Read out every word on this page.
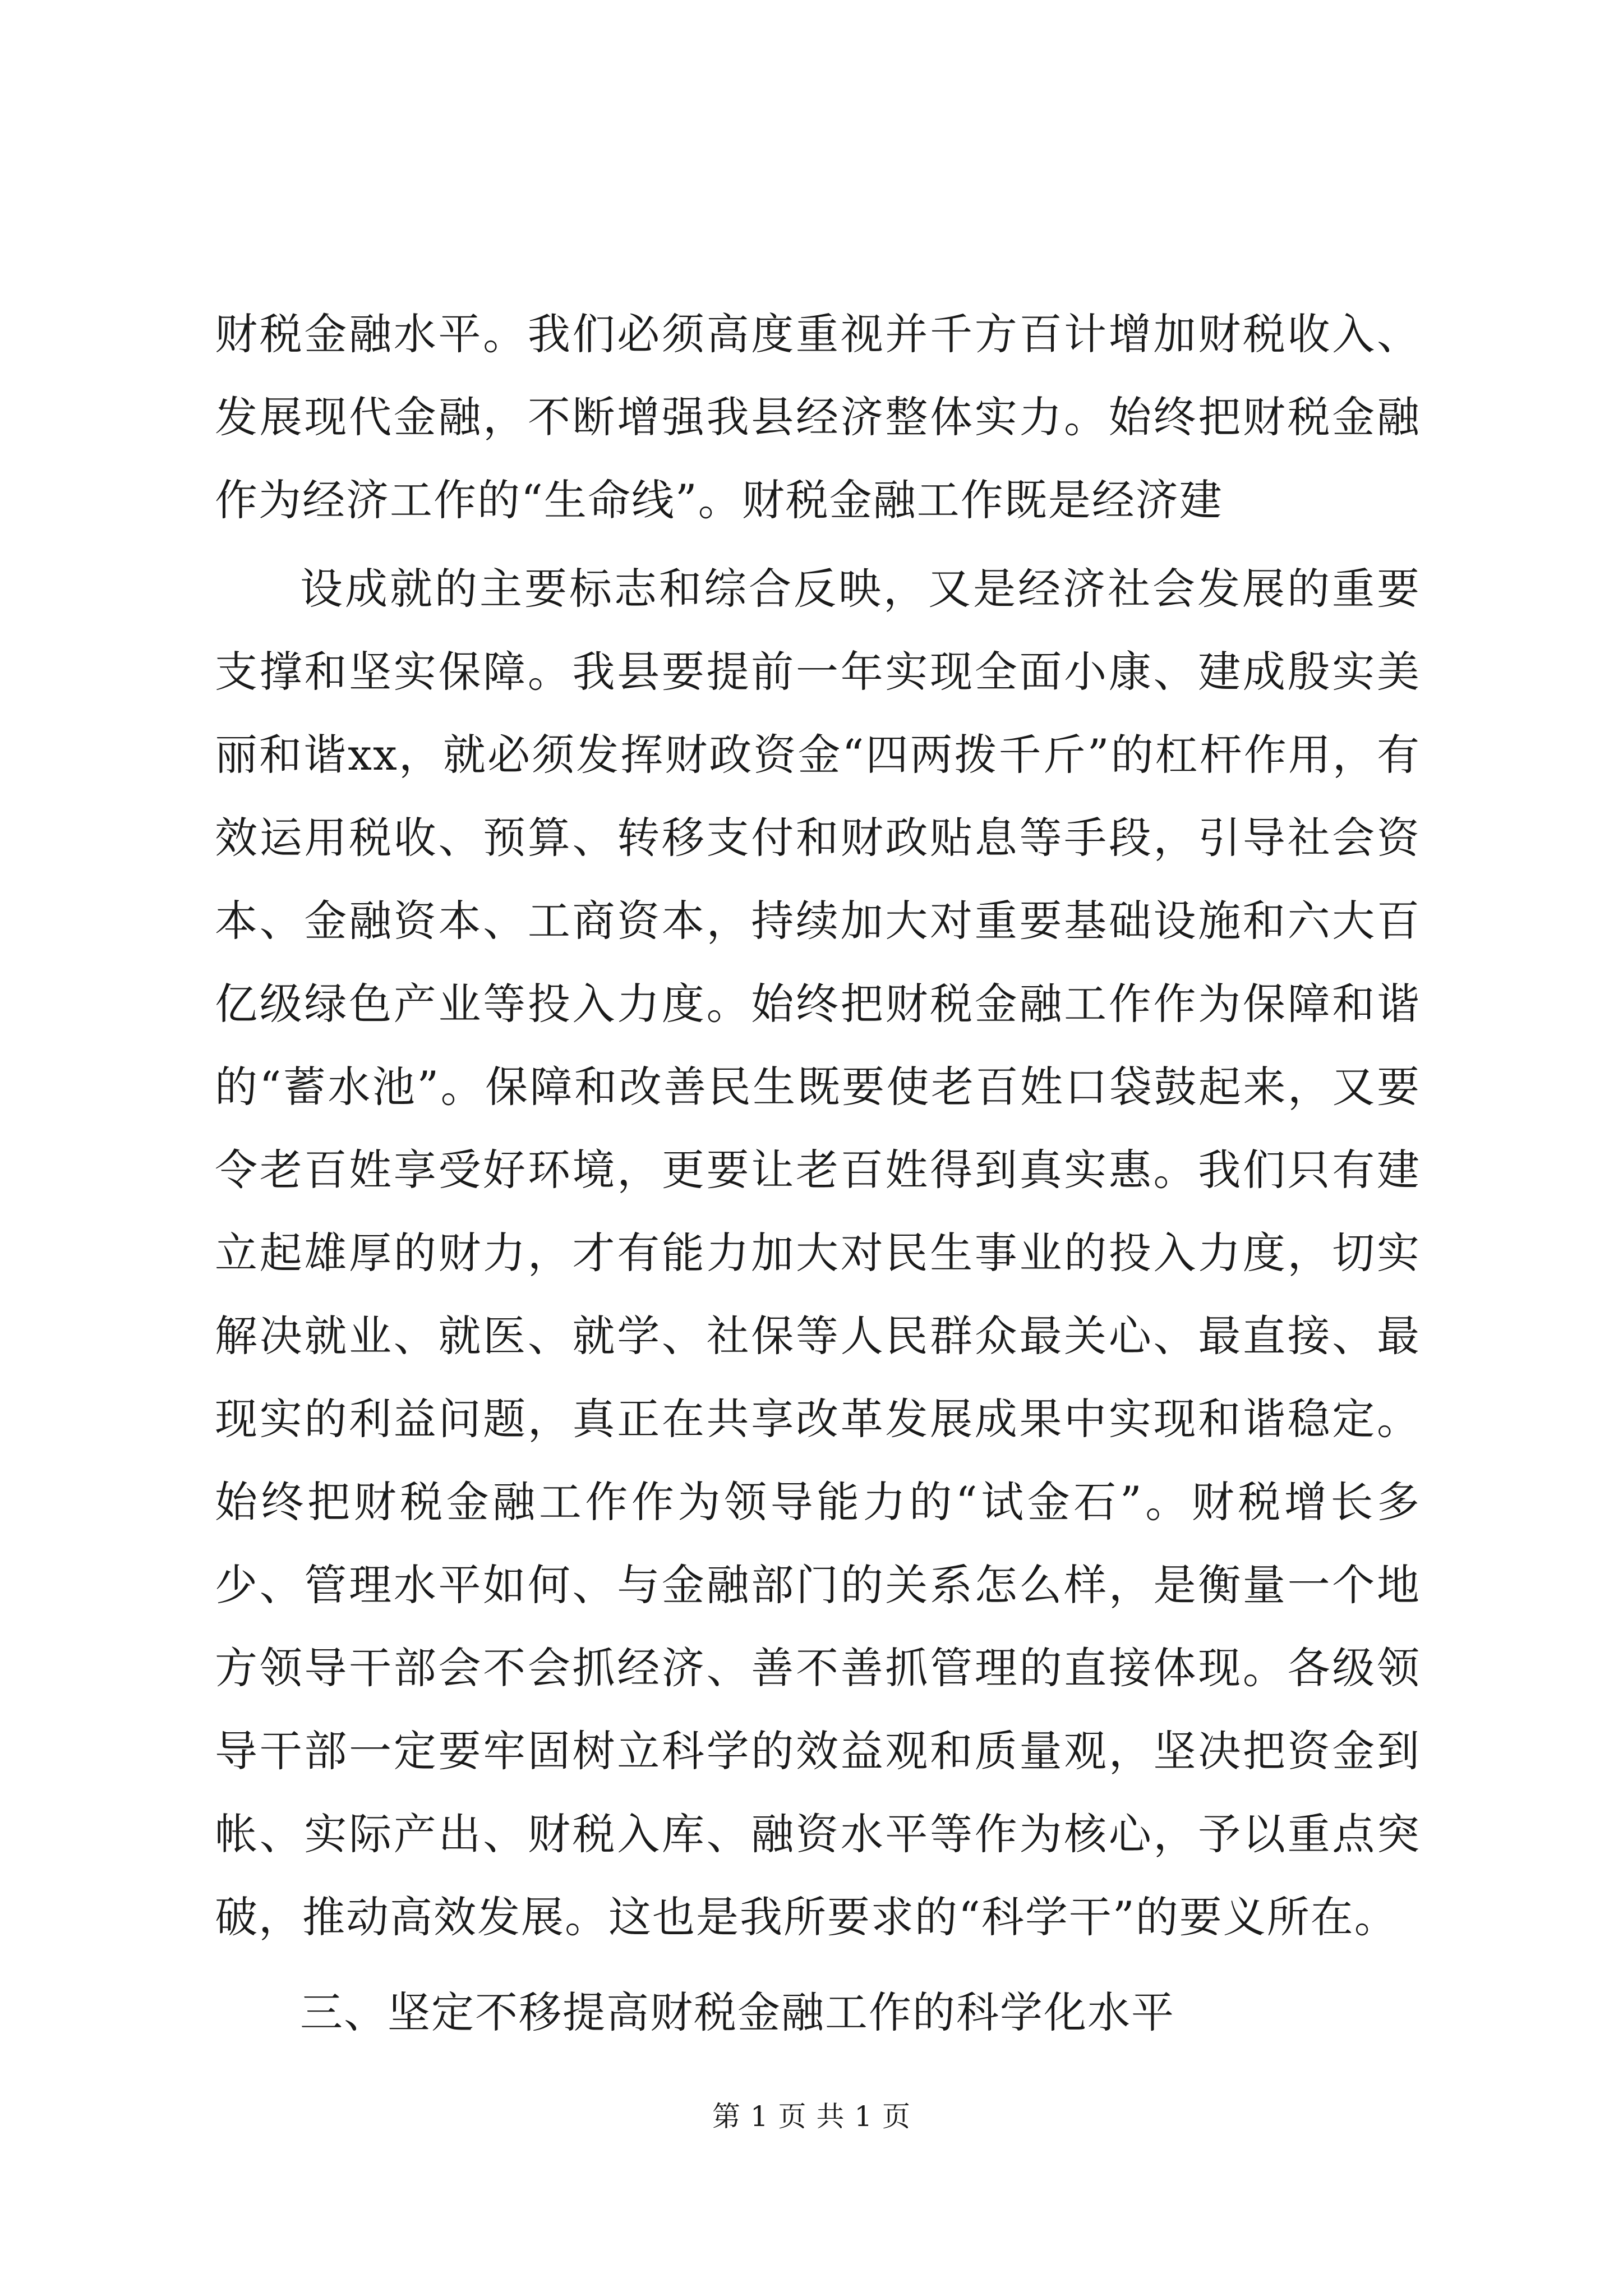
财税金融水平。我们必须高度重视并千方百计增加财税收入、发展现代金融，不断增强我县经济整体实力。始终把财税金融作为经济工作的“生命线”。财税金融工作既是经济建

设成就的主要标志和综合反映，又是经济社会发展的重要支撑和坚实保障。我县要提前一年实现全面小康、建成殷实美丽和谐xx，就必须发挥财政资金“四两拨千斤”的杠杆作用，有效运用税收、预算、转移支付和财政贴息等手段，引导社会资本、金融资本、工商资本，持续加大对重要基础设施和六大百亿级绿色产业等投入力度。始终把财税金融工作作为保障和谐的“蓄水池”。保障和改善民生既要使老百姓口袋鼓起来，又要令老百姓享受好环境，更要让老百姓得到真实惠。我们只有建立起雄厚的财力，才有能力加大对民生事业的投入力度，切实解决就业、就医、就学、社保等人民群众最关心、最直接、最现实的利益问题，真正在共享改革发展成果中实现和谐稳定。始终把财税金融工作作为领导能力的“试金石”。财税增长多少、管理水平如何、与金融部门的关系怎么样，是衡量一个地方领导干部会不会抓经济、善不善抓管理的直接体现。各级领导干部一定要牢固树立科学的效益观和质量观，坚决把资金到帐、实际产出、财税入库、融资水平等作为核心，予以重点突破，推动高效发展。这也是我所要求的“科学干”的要义所在。

三、坚定不移提高财税金融工作的科学化水平

第 1 页 共 1 页
